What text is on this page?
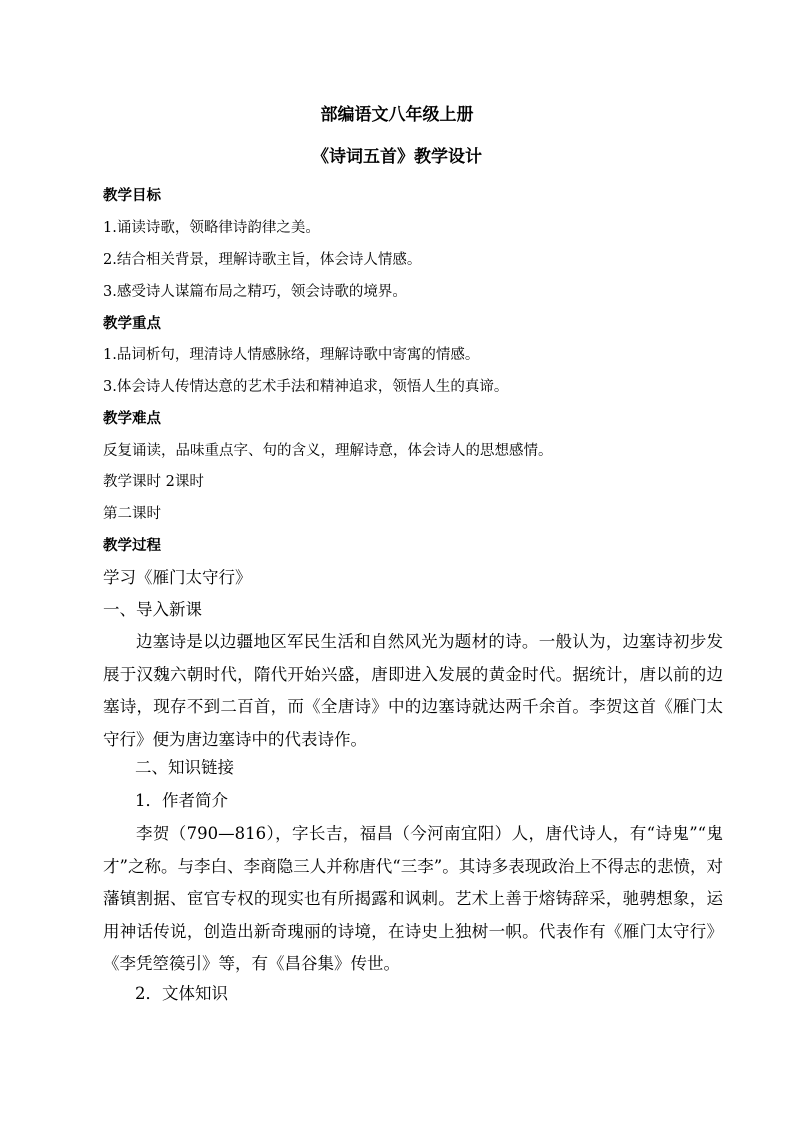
部编语文八年级上册
《诗词五首》教学设计
教学目标
1.诵读诗歌，领略律诗韵律之美。
2.结合相关背景，理解诗歌主旨，体会诗人情感。
3.感受诗人谋篇布局之精巧，领会诗歌的境界。
教学重点
1.品词析句，理清诗人情感脉络，理解诗歌中寄寓的情感。
3.体会诗人传情达意的艺术手法和精神追求，领悟人生的真谛。
教学难点
反复诵读，品味重点字、句的含义，理解诗意，体会诗人的思想感情。
教学课时 2课时
第二课时
教学过程
学习《雁门太守行》
一、导入新课

边塞诗是以边疆地区军民生活和自然风光为题材的诗。一般认为，边塞诗初步发展于汉魏六朝时代，隋代开始兴盛，唐即进入发展的黄金时代。据统计，唐以前的边塞诗，现存不到二百首，而《全唐诗》中的边塞诗就达两千余首。李贺这首《雁门太守行》便为唐边塞诗中的代表诗作。

二、知识链接
1．作者简介

李贺（790—816），字长吉，福昌（今河南宜阳）人，唐代诗人，有“诗鬼”“鬼才”之称。与李白、李商隐三人并称唐代“三李”。其诗多表现政治上不得志的悲愤，对藩镇割据、宦官专权的现实也有所揭露和讽刺。艺术上善于熔铸辞采，驰骋想象，运用神话传说，创造出新奇瑰丽的诗境，在诗史上独树一帜。代表作有《雁门太守行》《李凭箜篌引》等，有《昌谷集》传世。

2．文体知识
